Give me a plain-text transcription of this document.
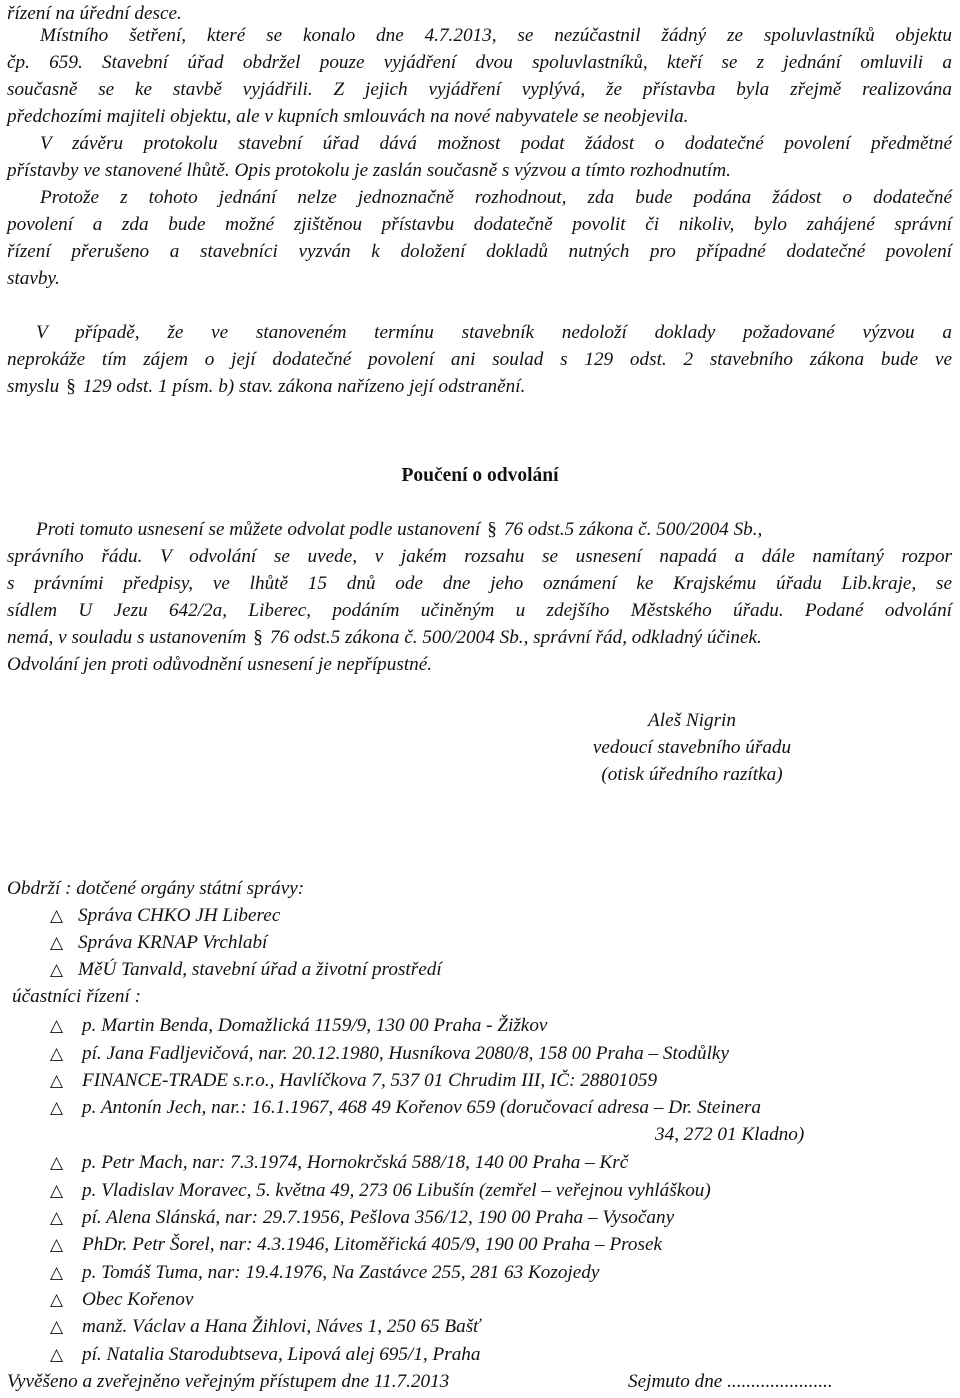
řízení na úřední desce.
Místního šetření, které se konalo dne 4.7.2013, se nezúčastnil žádný ze spoluvlastníků objektu
čp. 659. Stavební úřad obdržel pouze vyjádření dvou spoluvlastníků, kteří se z jednání omluvili a
současně se ke stavbě vyjádřili. Z jejich vyjádření vyplývá, že přístavba byla zřejmě realizována
předchozími majiteli objektu, ale v kupních smlouvách na nové nabyvatele se neobjevila.
V závěru protokolu stavební úřad dává možnost podat žádost o dodatečné povolení předmětné
přístavby ve stanovené lhůtě. Opis protokolu je zaslán současně s výzvou a tímto rozhodnutím.
Protože z tohoto jednání nelze jednoznačně rozhodnout, zda bude podána žádost o dodatečné
povolení a zda bude možné zjištěnou přístavbu dodatečně povolit či nikoliv, bylo zahájené správní
řízení přerušeno a stavebníci vyzván k doložení dokladů nutných pro případné dodatečné povolení
stavby.
V případě, že ve stanoveném termínu stavebník nedoloží doklady požadované výzvou a
neprokáže tím zájem o její dodatečné povolení ani soulad s 129 odst. 2 stavebního zákona bude ve
smyslu § 129 odst. 1 písm. b) stav. zákona nařízeno její odstranění.
Poučení o odvolání
Proti tomuto usnesení se můžete odvolat podle ustanovení § 76 odst.5 zákona č. 500/2004 Sb.,
správního řádu. V odvolání se uvede, v jakém rozsahu se usnesení napadá a dále namítaný rozpor
s právními předpisy, ve lhůtě 15 dnů ode dne jeho oznámení ke Krajskému úřadu Lib.kraje, se
sídlem U Jezu 642/2a, Liberec, podáním učiněným u zdejšího Městského úřadu. Podané odvolání
nemá, v souladu s ustanovením § 76 odst.5 zákona č. 500/2004 Sb., správní řád, odkladný účinek.
Odvolání jen proti odůvodnění usnesení je nepřípustné.
Aleš Nigrin
vedoucí stavebního úřadu
(otisk úředního razítka)
Obdrží : dotčené orgány státní správy:
△ Správa CHKO JH Liberec
△ Správa KRNAP Vrchlabí
△ MěÚ Tanvald, stavební úřad a životní prostředí
účastníci řízení :
△ p. Martin Benda, Domažlická 1159/9, 130 00 Praha - Žižkov
△ pí. Jana Fadljevičová, nar. 20.12.1980, Husníkova 2080/8, 158 00 Praha – Stodůlky
△ FINANCE-TRADE s.r.o., Havlíčkova 7, 537 01 Chrudim III, IČ: 28801059
△ p. Antonín Jech, nar.: 16.1.1967, 468 49 Kořenov 659 (doručovací adresa – Dr. Steinera
△ p. Petr Mach, nar: 7.3.1974, Hornokrčská 588/18, 140 00 Praha – Krč
△ p. Vladislav Moravec, 5. května 49, 273 06 Libušín (zemřel – veřejnou vyhláškou)
△ pí. Alena Slánská, nar: 29.7.1956, Pešlova 356/12, 190 00 Praha – Vysočany
△ PhDr. Petr Šorel, nar: 4.3.1946, Litoměřická 405/9, 190 00 Praha – Prosek
△ p. Tomáš Tuma, nar: 19.4.1976, Na Zastávce 255, 281 63 Kozojedy
△ Obec Kořenov
△ manž. Václav a Hana Žihlovi, Náves 1, 250 65 Bašť
△ pí. Natalia Starodubtseva, Lipová alej 695/1, Praha
34, 272 01 Kladno)
Vyvěšeno a zveřejněno veřejným přístupem dne 11.7.2013	Sejmuto dne ......................
